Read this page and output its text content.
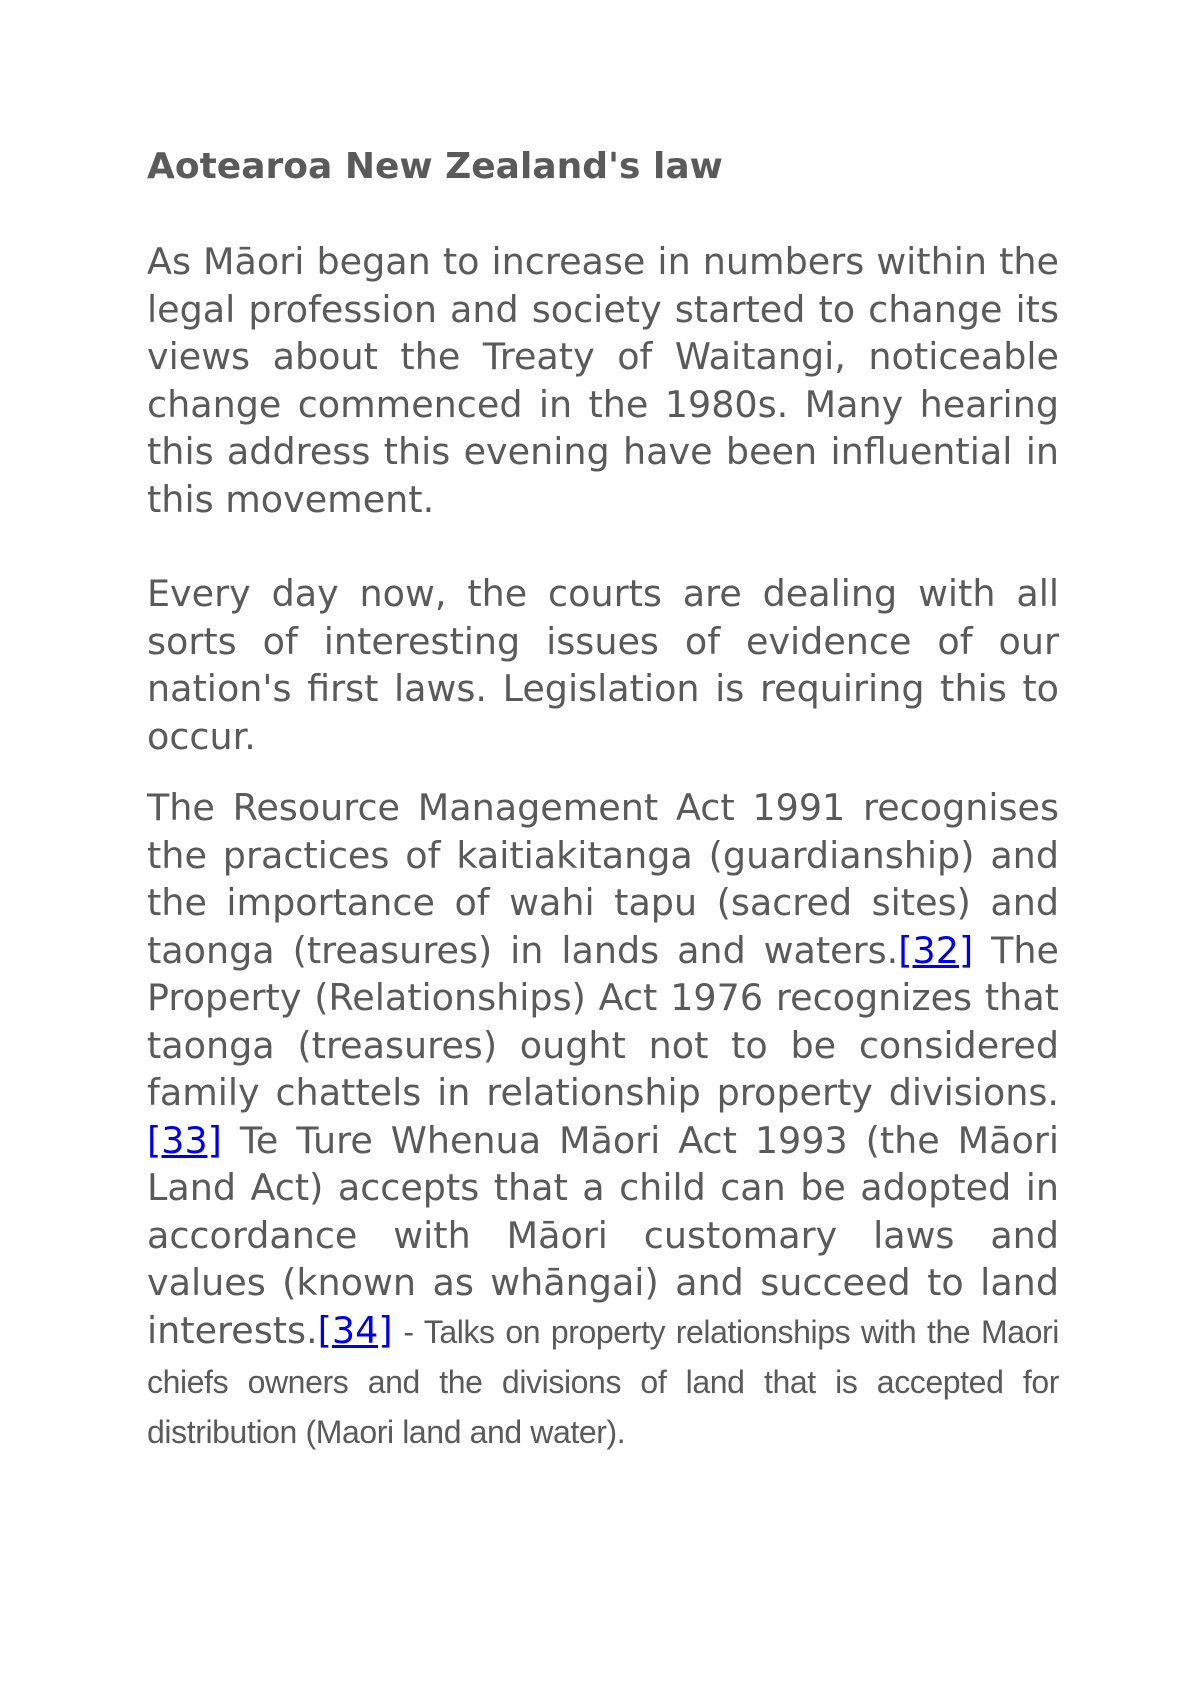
Aotearoa New Zealand's law

As Māori began to increase in numbers within the legal profession and society started to change its views about the Treaty of Waitangi, noticeable change commenced in the 1980s. Many hearing this address this evening have been influential in this movement.

Every day now, the courts are dealing with all sorts of interesting issues of evidence of our nation's first laws. Legislation is requiring this to occur.

The Resource Management Act 1991 recognises the practices of kaitiakitanga (guardianship) and the importance of wahi tapu (sacred sites) and taonga (treasures) in lands and waters.[32] The Property (Relationships) Act 1976 recognizes that taonga (treasures) ought not to be considered family chattels in relationship property divisions.[33] Te Ture Whenua Māori Act 1993 (the Māori Land Act) accepts that a child can be adopted in accordance with Māori customary laws and values (known as whāngai) and succeed to land interests.[34] - Talks on property relationships with the Maori chiefs owners and the divisions of land that is accepted for distribution (Maori land and water).
